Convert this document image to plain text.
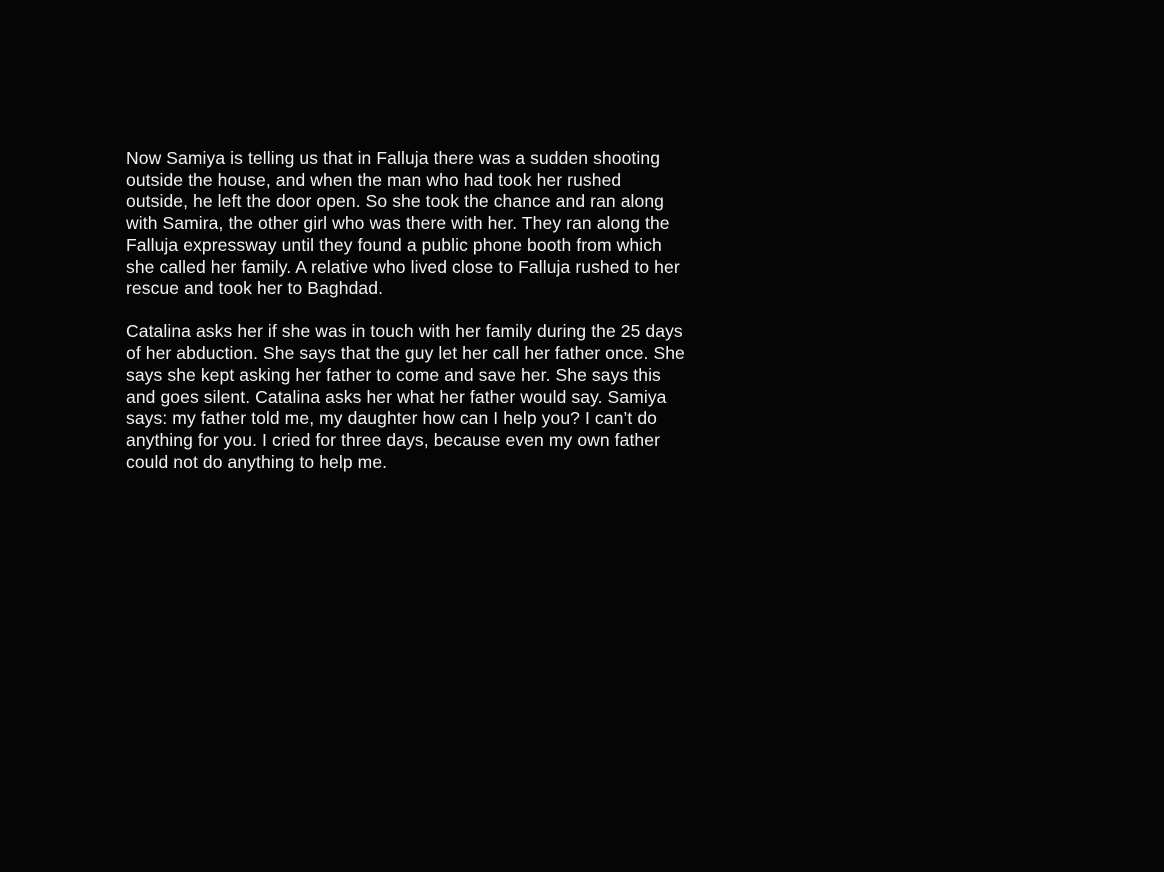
Now Samiya is telling us that in Falluja there was a sudden shooting outside the house, and when the man who had took her rushed outside, he left the door open. So she took the chance and ran along with Samira, the other girl who was there with her. They ran along the Falluja expressway until they found a public phone booth from which she called her family. A relative who lived close to Falluja rushed to her rescue and took her to Baghdad.

Catalina asks her if she was in touch with her family during the 25 days of her abduction. She says that the guy let her call her father once. She says she kept asking her father to come and save her. She says this and goes silent. Catalina asks her what her father would say. Samiya says: my father told me, my daughter how can I help you? I can’t do anything for you. I cried for three days, because even my own father could not do anything to help me.
